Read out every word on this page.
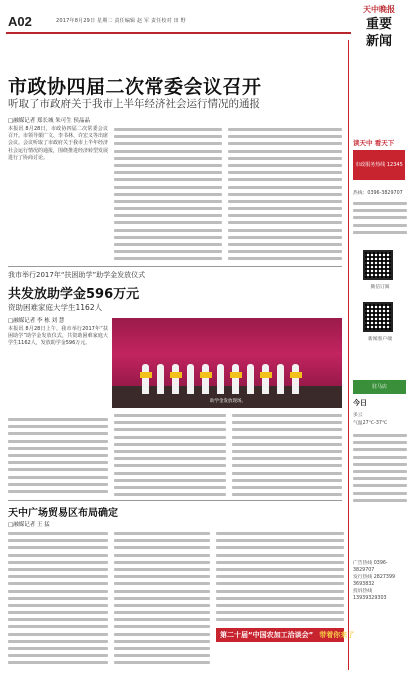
A02	2017年8月29日 星期二 责任编辑 赵 军 责任校对 田 野
天中晚报
重要
新闻
市政协四届二次常委会议召开
听取了市政府关于我市上半年经济社会运行情况的通报
□融媒记者 郑长城 朱可生 侯晶晶
本报讯 8月28日，市政协四届二次常委会议召开。市领导栗广文、李书林、许宏义等出席会议。会议听取了市政府关于我市上半年经济社会运行情况的通报，围绕推进经济转型发展进行了协商讨论。
我市举行2017年“扶困助学”助学金发放仪式
共发放助学金596万元
资助困难家庭大学生1162人
□融媒记者 李 栋 刘 慧
本报讯 8月28日上午，我市举行2017年“扶困助学”助学金发放仪式，共资助困难家庭大学生1162人，发放助学金596万元。
助学金发放现场。
天中广场贸易区布局确定
□融媒记者 王 猛
第二十届“中国农加工洽谈会” 带着你来了
读天中 看天下
市政服务热线 12345
热线：0396-3829707
微信订阅
新闻客户端
驻马店
今日
多云
气温27℃-37℃
广告热线 0396-3829707
发行热线 2827399 3693832
投诉热线 13939329303
